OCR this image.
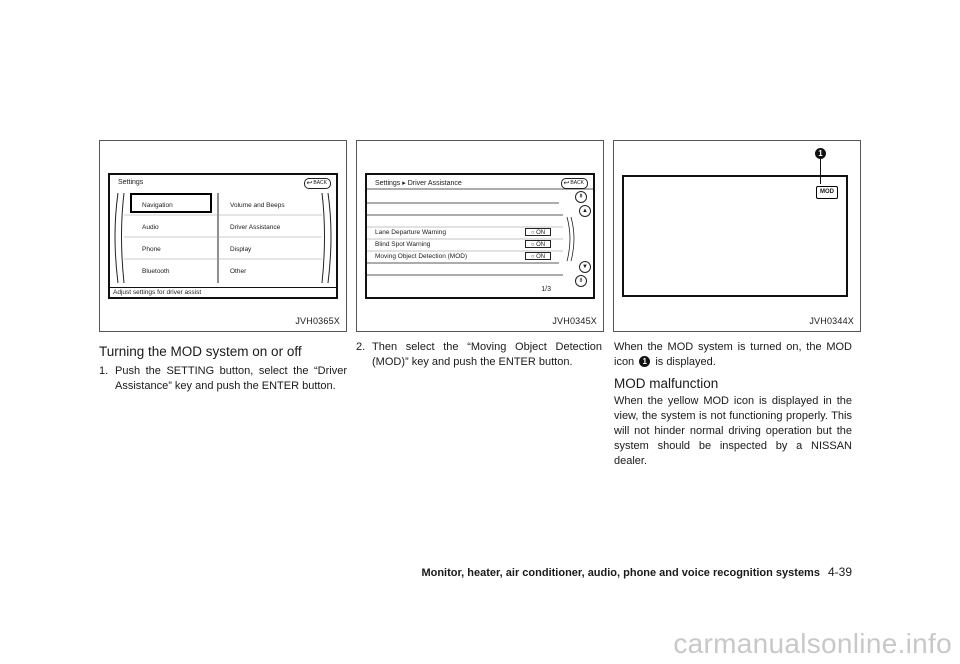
Settings	↩ BACK
Navigation
Audio
Phone
Bluetooth
Volume and Beeps
Driver Assistance
Display
Other
Adjust settings for driver assist
JVH0365X
Settings ▸ Driver Assistance	↩ BACK
Lane Departure Warning	○ ON
Blind Spot Warning	○ ON
Moving Object Detection (MOD)	○ ON
1/3
⇞
▲
▼
⇟
JVH0345X
MOD
1
JVH0344X
Turning the MOD system on or off
1. Push the SETTING button, select the “Driver Assistance” key and push the ENTER button.
2. Then select the “Moving Object Detection (MOD)” key and push the ENTER button.

When the MOD system is turned on, the MOD icon 1 is displayed.

MOD malfunction

When the yellow MOD icon is displayed in the view, the system is not functioning properly. This will not hinder normal driving operation but the system should be inspected by a NISSAN dealer.

Monitor, heater, air conditioner, audio, phone and voice recognition systems 4-39
carmanualsonline.info
